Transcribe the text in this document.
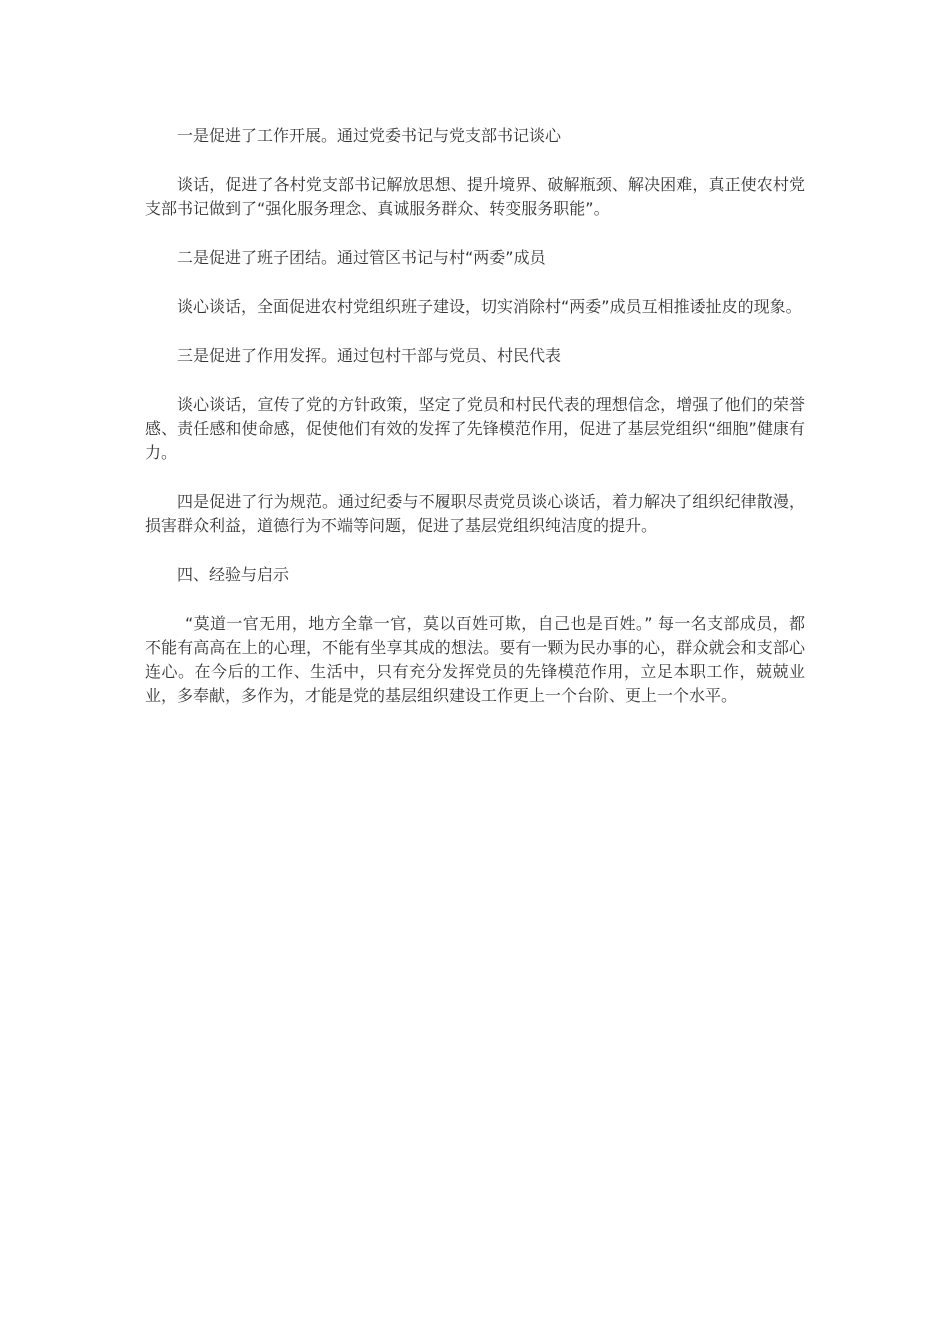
一是促进了工作开展。通过党委书记与党支部书记谈心

谈话，促进了各村党支部书记解放思想、提升境界、破解瓶颈、解决困难，真正使农村党支部书记做到了“强化服务理念、真诚服务群众、转变服务职能”。

二是促进了班子团结。通过管区书记与村“两委”成员

谈心谈话，全面促进农村党组织班子建设，切实消除村“两委”成员互相推诿扯皮的现象。

三是促进了作用发挥。通过包村干部与党员、村民代表

谈心谈话，宣传了党的方针政策，坚定了党员和村民代表的理想信念，增强了他们的荣誉感、责任感和使命感，促使他们有效的发挥了先锋模范作用，促进了基层党组织“细胞”健康有力。

四是促进了行为规范。通过纪委与不履职尽责党员谈心谈话，着力解决了组织纪律散漫，损害群众利益，道德行为不端等问题，促进了基层党组织纯洁度的提升。

四、经验与启示

“莫道一官无用，地方全靠一官，莫以百姓可欺，自己也是百姓。” 每一名支部成员，都不能有高高在上的心理，不能有坐享其成的想法。要有一颗为民办事的心，群众就会和支部心连心。在今后的工作、生活中，只有充分发挥党员的先锋模范作用，立足本职工作，兢兢业业，多奉献，多作为，才能是党的基层组织建设工作更上一个台阶、更上一个水平。
